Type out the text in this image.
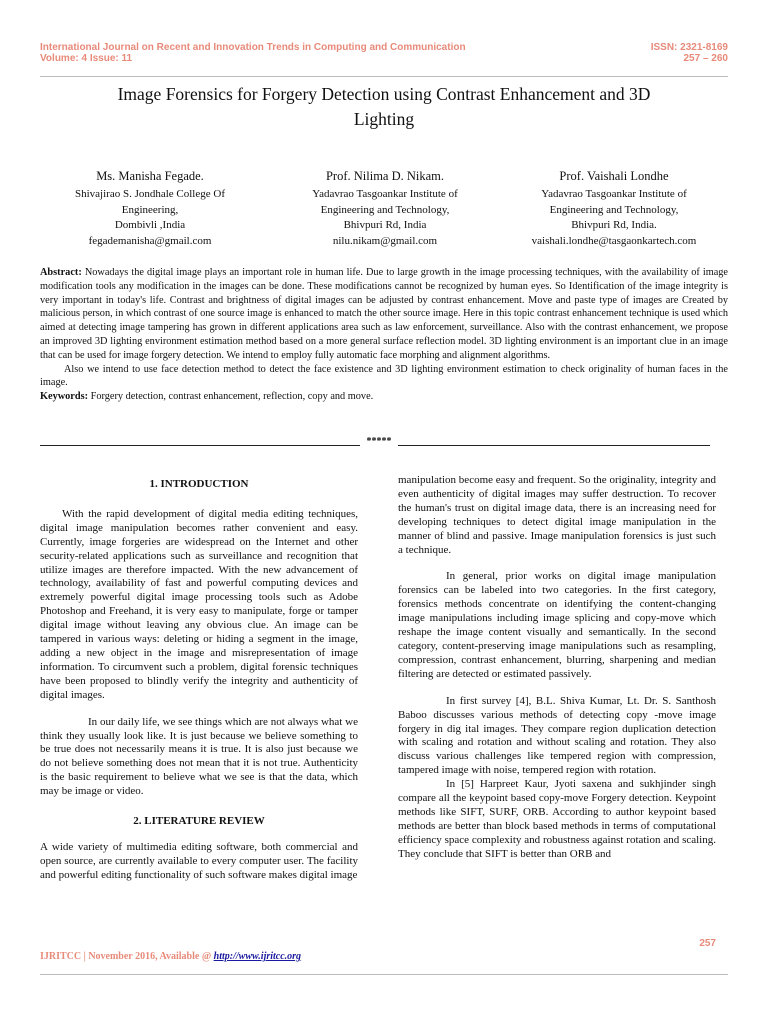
International Journal on Recent and Innovation Trends in Computing and Communication
Volume: 4 Issue: 11
ISSN: 2321-8169
257 – 260
Image Forensics for Forgery Detection using Contrast Enhancement and 3D
Lighting
Ms. Manisha Fegade.
Shivajirao S. Jondhale College Of
Engineering,
Dombivli ,India
fegademanisha@gmail.com
Prof. Nilima D. Nikam.
Yadavrao Tasgoankar Institute of
Engineering and Technology,
Bhivpuri Rd, India
nilu.nikam@gmail.com
Prof. Vaishali Londhe
Yadavrao Tasgoankar Institute of
Engineering and Technology,
Bhivpuri Rd, India.
vaishali.londhe@tasgaonkartech.com

Abstract: Nowadays the digital image plays an important role in human life. Due to large growth in the image processing techniques, with the availability of image modification tools any modification in the images can be done. These modifications cannot be recognized by human eyes. So Identification of the image integrity is very important in today's life. Contrast and brightness of digital images can be adjusted by contrast enhancement. Move and paste type of images are Created by malicious person, in which contrast of one source image is enhanced to match the other source image. Here in this topic contrast enhancement technique is used which aimed at detecting image tampering has grown in different applications area such as law enforcement, surveillance. Also with the contrast enhancement, we propose an improved 3D lighting environment estimation method based on a more general surface reflection model. 3D lighting environment is an important clue in an image that can be used for image forgery detection. We intend to employ fully automatic face morphing and alignment algorithms.

Also we intend to use face detection method to detect the face existence and 3D lighting environment estimation to check originality of human faces in the image.

Keywords: Forgery detection, contrast enhancement, reflection, copy and move.

*****
1. INTRODUCTION

With the rapid development of digital media editing techniques, digital image manipulation becomes rather convenient and easy. Currently, image forgeries are widespread on the Internet and other security-related applications such as surveillance and recognition that utilize images are therefore impacted. With the new advancement of technology, availability of fast and powerful computing devices and extremely powerful digital image processing tools such as Adobe Photoshop and Freehand, it is very easy to manipulate, forge or tamper digital image without leaving any obvious clue. An image can be tampered in various ways: deleting or hiding a segment in the image, adding a new object in the image and misrepresentation of image information. To circumvent such a problem, digital forensic techniques have been proposed to blindly verify the integrity and authenticity of digital images.

In our daily life, we see things which are not always what we think they usually look like. It is just because we believe something to be true does not necessarily means it is true. It is also just because we do not believe something does not mean that it is not true. Authenticity is the basic requirement to believe what we see is that the data, which may be image or video.

2. LITERATURE REVIEW

A wide variety of multimedia editing software, both commercial and open source, are currently available to every computer user. The facility and powerful editing functionality of such software makes digital image

manipulation become easy and frequent. So the originality, integrity and even authenticity of digital images may suffer destruction. To recover the human's trust on digital image data, there is an increasing need for developing techniques to detect digital image manipulation in the manner of blind and passive. Image manipulation forensics is just such a technique.

In general, prior works on digital image manipulation forensics can be labeled into two categories. In the first category, forensics methods concentrate on identifying the content-changing image manipulations including image splicing and copy-move which reshape the image content visually and semantically. In the second category, content-preserving image manipulations such as resampling, compression, contrast enhancement, blurring, sharpening and median filtering are detected or estimated passively.

In first survey [4], B.L. Shiva Kumar, Lt. Dr. S. Santhosh Baboo discusses various methods of detecting copy -move image forgery in dig ital images. They compare region duplication detection with scaling and rotation and without scaling and rotation. They also discuss various challenges like tempered region with compression, tampered image with noise, tempered region with rotation.

In [5] Harpreet Kaur, Jyoti saxena and sukhjinder singh compare all the keypoint based copy-move Forgery detection. Keypoint methods like SIFT, SURF, ORB. According to author keypoint based methods are better than block based methods in terms of computational efficiency space complexity and robustness against rotation and scaling. They conclude that SIFT is better than ORB and

257
IJRITCC | November 2016, Available @ http://www.ijritcc.org
